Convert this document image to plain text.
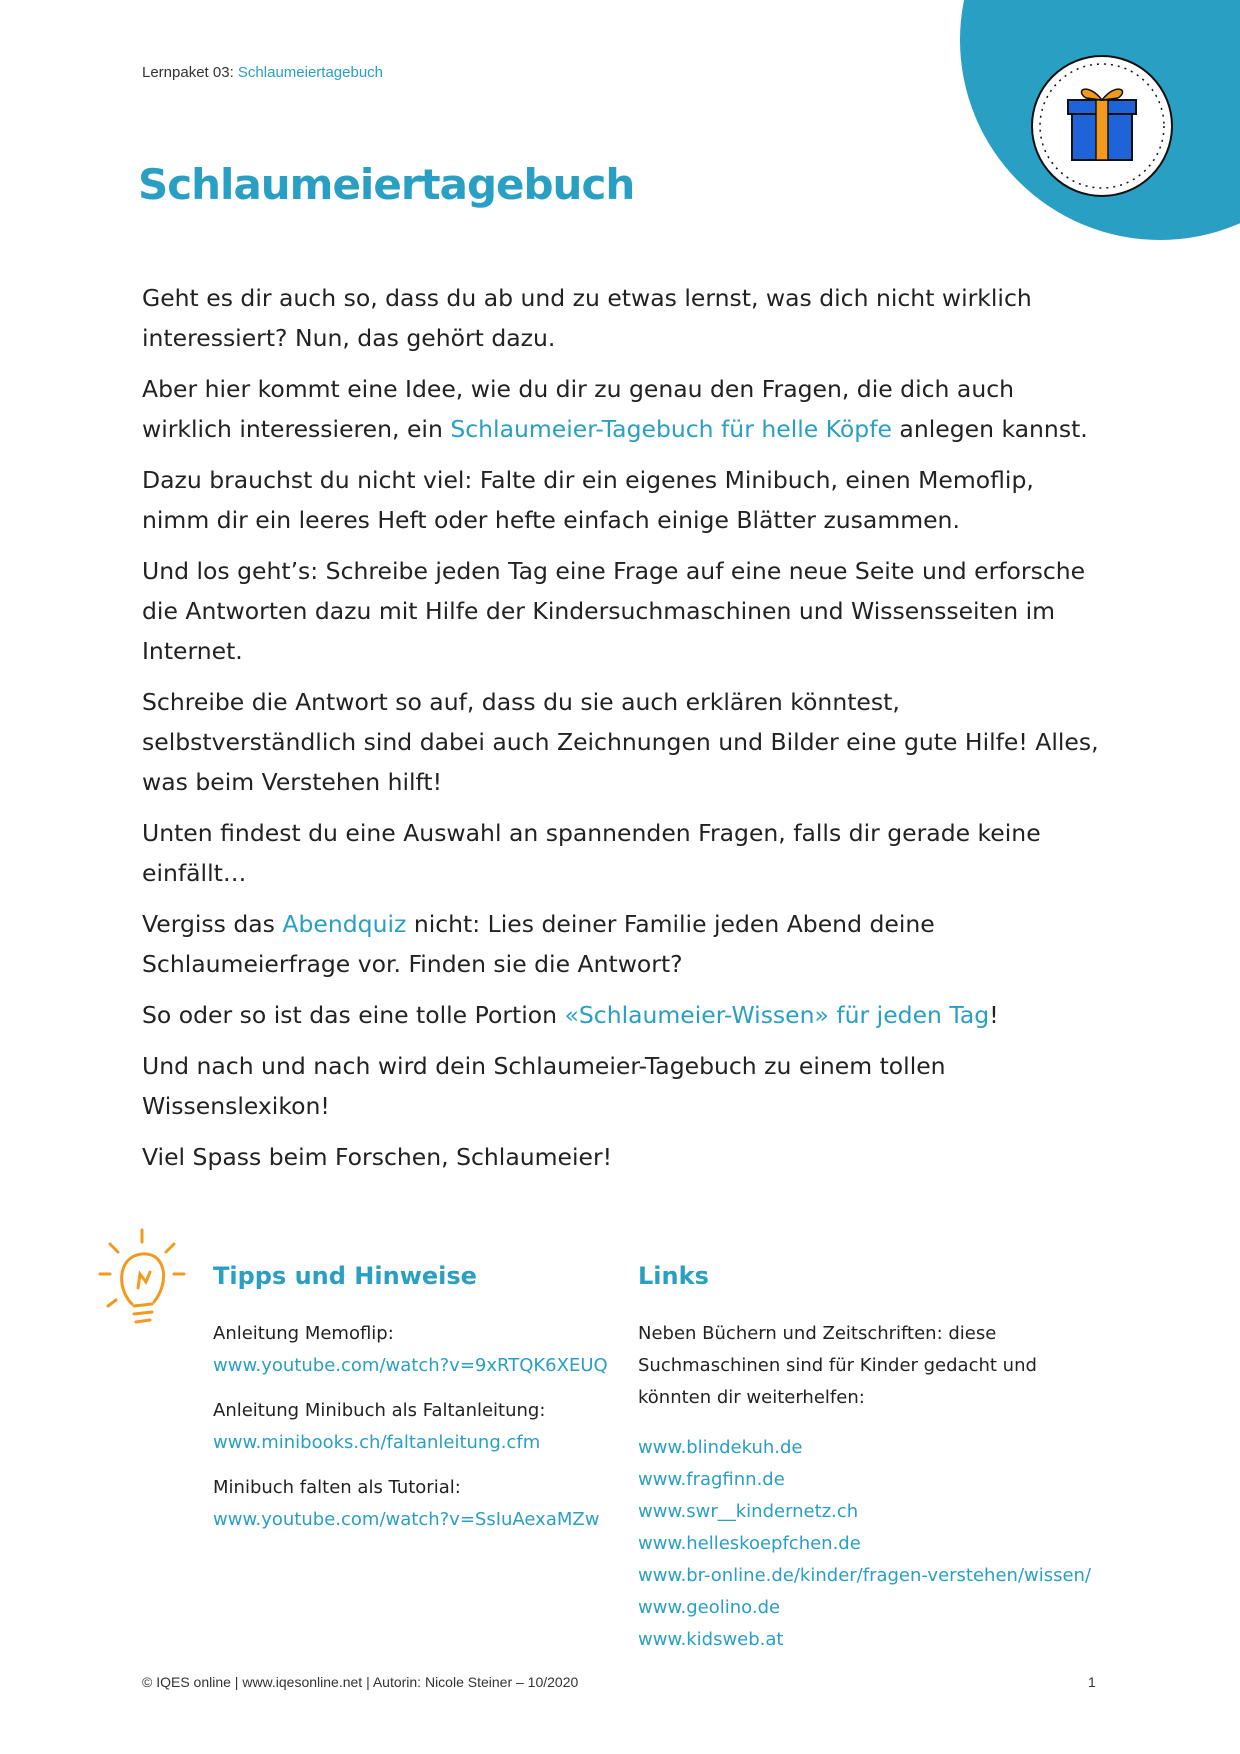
Lernpaket 03: Schlaumeiertagebuch
Schlaumeiertagebuch

Geht es dir auch so, dass du ab und zu etwas lernst, was dich nicht wirklich interessiert? Nun, das gehört dazu.

Aber hier kommt eine Idee, wie du dir zu genau den Fragen, die dich auch wirklich interessieren, ein Schlaumeier-Tagebuch für helle Köpfe anlegen kannst.

Dazu brauchst du nicht viel: Falte dir ein eigenes Minibuch, einen Memoflip, nimm dir ein leeres Heft oder hefte einfach einige Blätter zusammen.

Und los geht’s: Schreibe jeden Tag eine Frage auf eine neue Seite und erforsche die Antworten dazu mit Hilfe der Kindersuchmaschinen und Wissensseiten im Internet.

Schreibe die Antwort so auf, dass du sie auch erklären könntest, selbstverständlich sind dabei auch Zeichnungen und Bilder eine gute Hilfe! Alles, was beim Verstehen hilft!

Unten findest du eine Auswahl an spannenden Fragen, falls dir gerade keine einfällt…

Vergiss das Abendquiz nicht: Lies deiner Familie jeden Abend deine Schlaumeierfrage vor. Finden sie die Antwort?

So oder so ist das eine tolle Portion «Schlaumeier-Wissen» für jeden Tag!

Und nach und nach wird dein Schlaumeier-Tagebuch zu einem tollen Wissenslexikon!

Viel Spass beim Forschen, Schlaumeier!

Tipps und Hinweise	Links
Anleitung Memoflip:
www.youtube.com/watch?v=9xRTQK6XEUQ
Anleitung Minibuch als Faltanleitung:
www.minibooks.ch/faltanleitung.cfm
Minibuch falten als Tutorial:
www.youtube.com/watch?v=SsIuAexaMZw
Neben Büchern und Zeitschriften: diese Suchmaschinen sind für Kinder gedacht und könnten dir weiterhelfen:
www.blindekuh.de
www.fragfinn.de
www.swr__kindernetz.ch
www.helleskoepfchen.de
www.br-online.de/kinder/fragen-verstehen/wissen/
www.geolino.de
www.kidsweb.at
© IQES online | www.iqesonline.net | Autorin: Nicole Steiner – 10/2020	1
